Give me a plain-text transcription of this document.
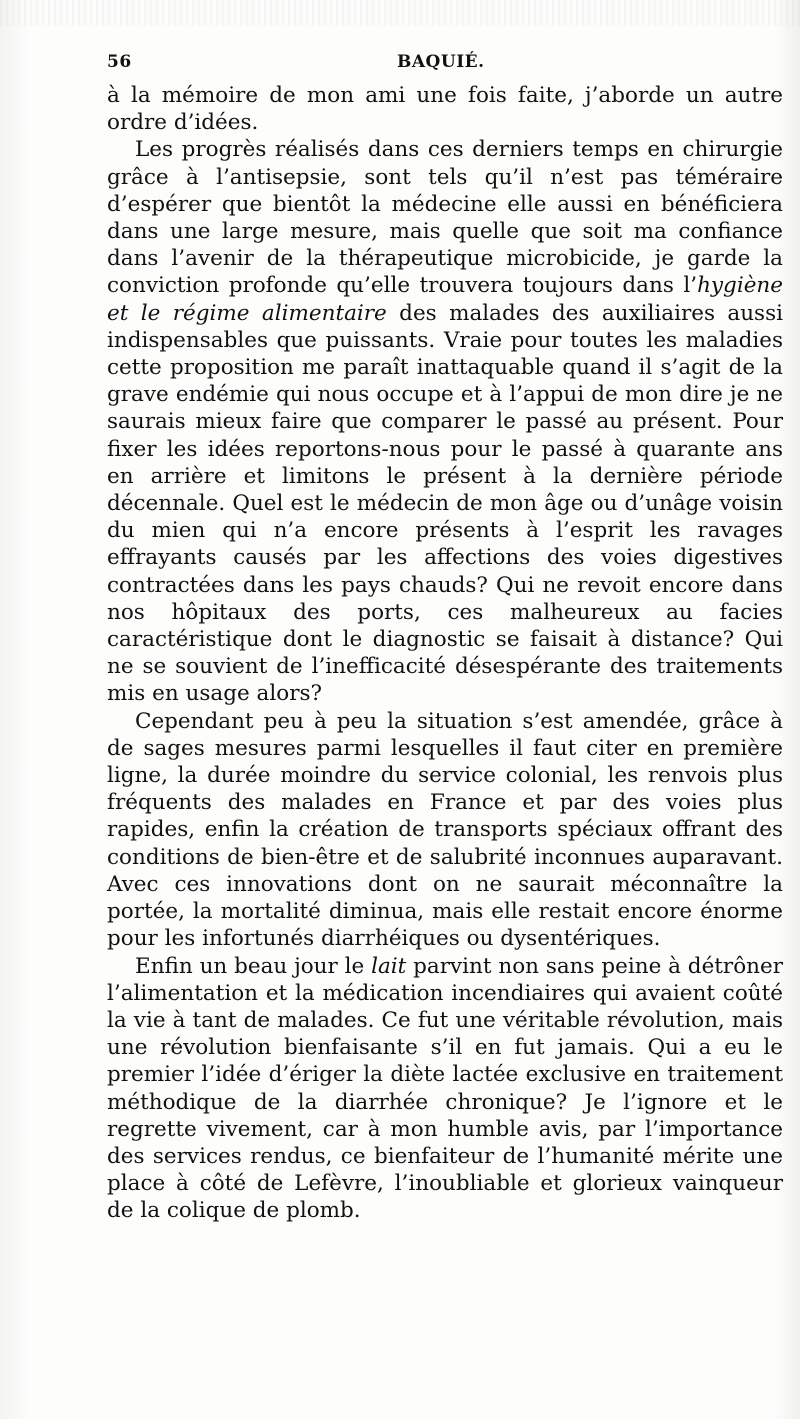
56	BAQUIÉ.

à la mémoire de mon ami une fois faite, j’aborde un autre ordre d’idées.

Les progrès réalisés dans ces derniers temps en chirurgie grâce à l’antisepsie, sont tels qu’il n’est pas téméraire d’espérer que bientôt la médecine elle aussi en bénéficiera dans une large mesure, mais quelle que soit ma confiance dans l’avenir de la thérapeutique microbicide, je garde la conviction profonde qu’elle trouvera toujours dans l’hygiène et le régime alimentaire des malades des auxiliaires aussi indispensables que puissants. Vraie pour toutes les maladies cette proposition me paraît inattaquable quand il s’agit de la grave endémie qui nous occupe et à l’appui de mon dire je ne saurais mieux faire que comparer le passé au présent. Pour fixer les idées reportons-nous pour le passé à quarante ans en arrière et limitons le présent à la dernière période décennale. Quel est le médecin de mon âge ou d’unâge voisin du mien qui n’a encore présents à l’esprit les ravages effrayants causés par les affections des voies digestives contractées dans les pays chauds? Qui ne revoit encore dans nos hôpitaux des ports, ces malheureux au facies caractéristique dont le diagnostic se faisait à distance? Qui ne se souvient de l’inefficacité désespérante des traitements mis en usage alors?

Cependant peu à peu la situation s’est amendée, grâce à de sages mesures parmi lesquelles il faut citer en première ligne, la durée moindre du service colonial, les renvois plus fréquents des malades en France et par des voies plus rapides, enfin la création de transports spéciaux offrant des conditions de bien-être et de salubrité inconnues auparavant. Avec ces innovations dont on ne saurait méconnaître la portée, la mortalité diminua, mais elle restait encore énorme pour les infortunés diarrhéiques ou dysentériques.

Enfin un beau jour le lait parvint non sans peine à détrôner l’alimentation et la médication incendiaires qui avaient coûté la vie à tant de malades. Ce fut une véritable révolution, mais une révolution bienfaisante s’il en fut jamais. Qui a eu le premier l’idée d’ériger la diète lactée exclusive en traitement méthodique de la diarrhée chronique? Je l’ignore et le regrette vivement, car à mon humble avis, par l’importance des services rendus, ce bienfaiteur de l’humanité mérite une place à côté de Lefèvre, l’inoubliable et glorieux vainqueur de la colique de plomb.
